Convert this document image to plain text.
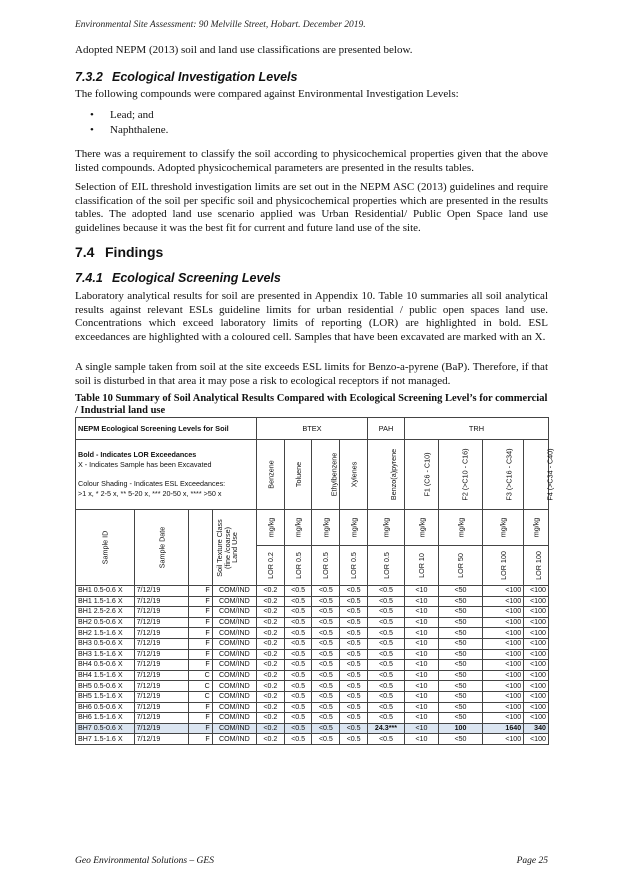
Environmental Site Assessment: 90 Melville Street, Hobart. December 2019.
Adopted NEPM (2013) soil and land use classifications are presented below.
7.3.2 Ecological Investigation Levels
The following compounds were compared against Environmental Investigation Levels:
• Lead; and
• Naphthalene.
There was a requirement to classify the soil according to physicochemical properties given that the above listed compounds. Adopted physicochemical parameters are presented in the results tables.
Selection of EIL threshold investigation limits are set out in the NEPM ASC (2013) guidelines and require classification of the soil per specific soil and physicochemical properties which are presented in the results tables. The adopted land use scenario applied was Urban Residential/ Public Open Space land use guidelines because it was the best fit for current and future land use of the site.
7.4 Findings
7.4.1 Ecological Screening Levels
Laboratory analytical results for soil are presented in Appendix 10. Table 10 summaries all soil analytical results against relevant ESLs guideline limits for urban residential / public open spaces land use. Concentrations which exceed laboratory limits of reporting (LOR) are highlighted in bold. ESL exceedances are highlighted with a coloured cell. Samples that have been excavated are marked with an X.
A single sample taken from soil at the site exceeds ESL limits for Benzo-a-pyrene (BaP). Therefore, if that soil is disturbed in that area it may pose a risk to ecological receptors if not managed.
Table 10 Summary of Soil Analytical Results Compared with Ecological Screening Level’s for commercial / Industrial land use
NEPM Ecological Screening Levels for Soil				BTEX				PAH	TRH			

Bold - Indicates LOR Exceedances
X - Indicates Sample has been Excavated
Colour Shading - Indicates ESL Exceedances:
>1 x, * 2-5 x, ** 5-20 x, *** 20-50 x, **** >50 x				Benzene	Toluene	Ethylbenzene	Xylenes	Benzo(a)pyrene	F1 (C6 - C10)	F2 (>C10 - C16)	F3 (>C16 - C34)	F4 (>C34 - C40)
Sample ID	Sample Date	Soil Texture Class (fine /coarse)	Land Use	mg/kg	mg/kg	mg/kg	mg/kg	mg/kg	mg/kg	mg/kg	mg/kg	mg/kg
				LOR 0.2	LOR 0.5	LOR 0.5	LOR 0.5	LOR 0.5	LOR 10	LOR 50	LOR 100	LOR 100
BH1 0.5-0.6 X	7/12/19	F	COM/IND	<0.2	<0.5	<0.5	<0.5	<0.5	<10	<50	<100	<100
BH1 1.5-1.6 X	7/12/19	F	COM/IND	<0.2	<0.5	<0.5	<0.5	<0.5	<10	<50	<100	<100
BH1 2.5-2.6 X	7/12/19	F	COM/IND	<0.2	<0.5	<0.5	<0.5	<0.5	<10	<50	<100	<100
BH2 0.5-0.6 X	7/12/19	F	COM/IND	<0.2	<0.5	<0.5	<0.5	<0.5	<10	<50	<100	<100
BH2 1.5-1.6 X	7/12/19	F	COM/IND	<0.2	<0.5	<0.5	<0.5	<0.5	<10	<50	<100	<100
BH3 0.5-0.6 X	7/12/19	F	COM/IND	<0.2	<0.5	<0.5	<0.5	<0.5	<10	<50	<100	<100
BH3 1.5-1.6 X	7/12/19	F	COM/IND	<0.2	<0.5	<0.5	<0.5	<0.5	<10	<50	<100	<100
BH4 0.5-0.6 X	7/12/19	F	COM/IND	<0.2	<0.5	<0.5	<0.5	<0.5	<10	<50	<100	<100
BH4 1.5-1.6 X	7/12/19	C	COM/IND	<0.2	<0.5	<0.5	<0.5	<0.5	<10	<50	<100	<100
BH5 0.5-0.6 X	7/12/19	C	COM/IND	<0.2	<0.5	<0.5	<0.5	<0.5	<10	<50	<100	<100
BH5 1.5-1.6 X	7/12/19	C	COM/IND	<0.2	<0.5	<0.5	<0.5	<0.5	<10	<50	<100	<100
BH6 0.5-0.6 X	7/12/19	F	COM/IND	<0.2	<0.5	<0.5	<0.5	<0.5	<10	<50	<100	<100
BH6 1.5-1.6 X	7/12/19	F	COM/IND	<0.2	<0.5	<0.5	<0.5	<0.5	<10	<50	<100	<100
BH7 0.5-0.6 X	7/12/19	F	COM/IND	<0.2	<0.5	<0.5	<0.5	24.3***	<10	100	1640	340
BH7 1.5-1.6 X	7/12/19	F	COM/IND	<0.2	<0.5	<0.5	<0.5	<0.5	<10	<50	<100	<100
Geo Environmental Solutions – GES	Page 25
